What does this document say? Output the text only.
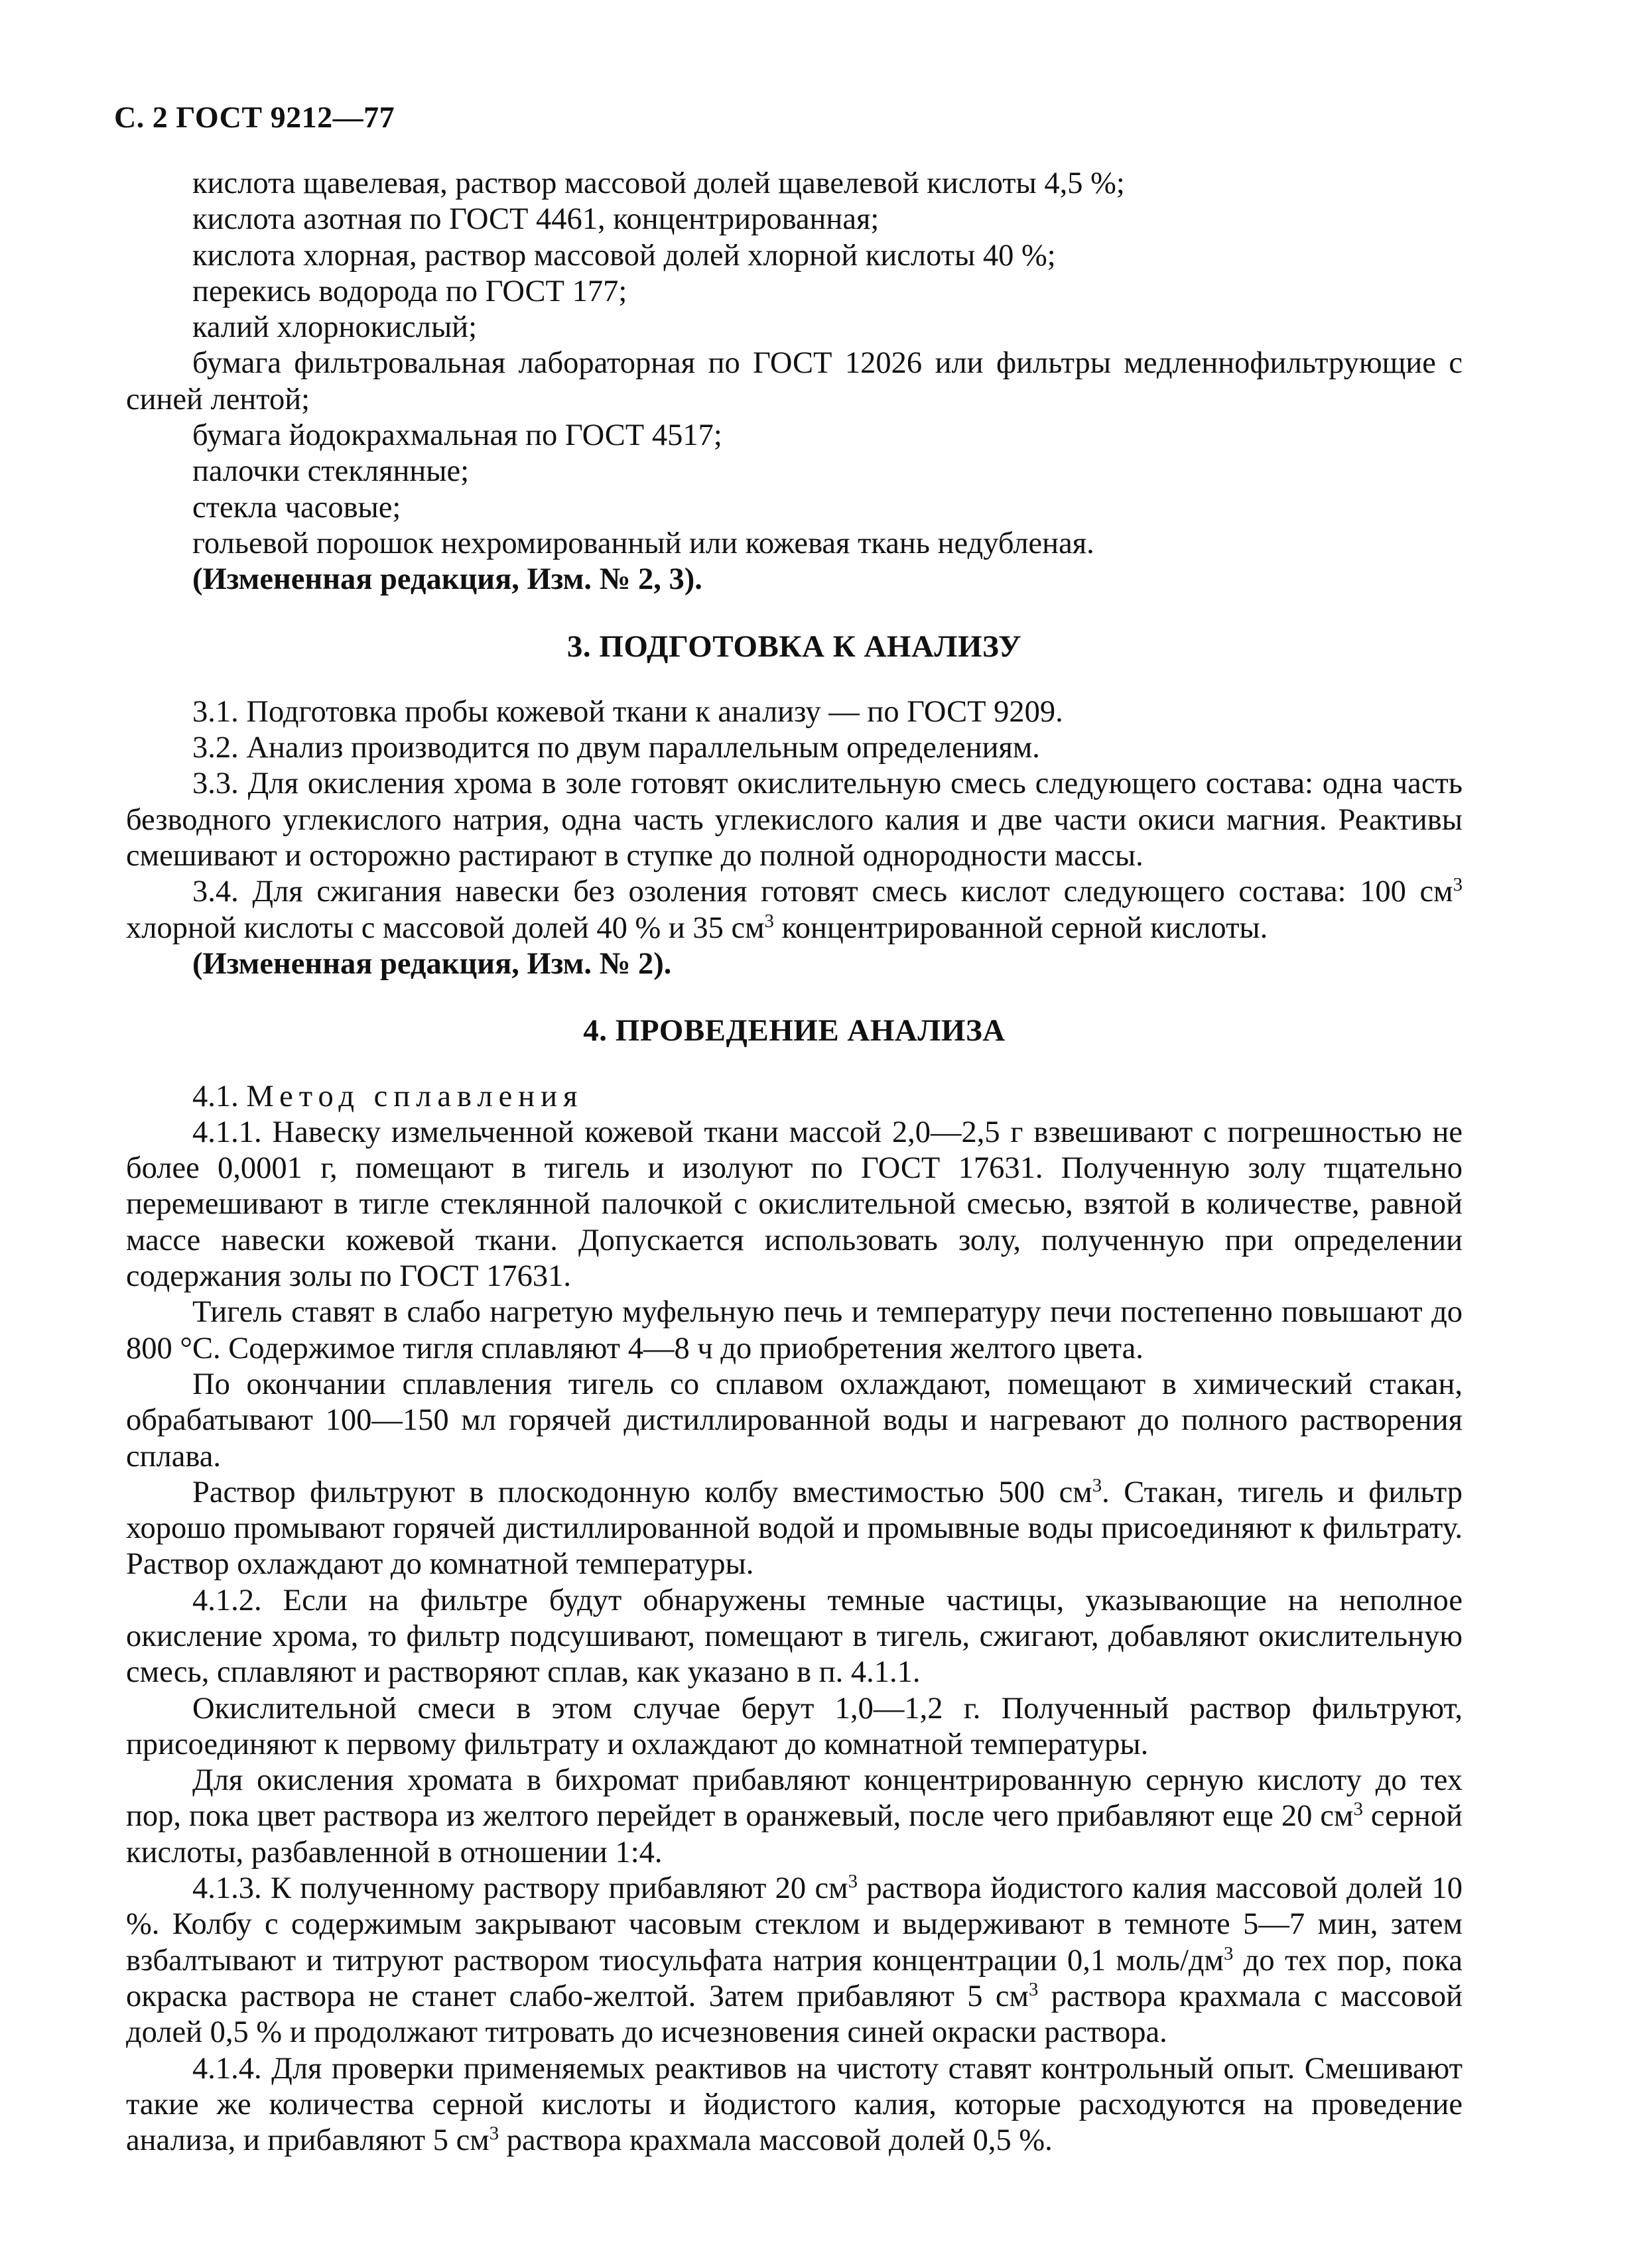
С. 2 ГОСТ 9212—77

кислота щавелевая, раствор массовой долей щавелевой кислоты 4,5 %;

кислота азотная по ГОСТ 4461, концентрированная;

кислота хлорная, раствор массовой долей хлорной кислоты 40 %;

перекись водорода по ГОСТ 177;

калий хлорнокислый;

бумага фильтровальная лабораторная по ГОСТ 12026 или фильтры медленнофильтрующие с синей лентой;

бумага йодокрахмальная по ГОСТ 4517;

палочки стеклянные;

стекла часовые;

гольевой порошок нехромированный или кожевая ткань недубленая.

(Измененная редакция, Изм. № 2, 3).

3. ПОДГОТОВКА К АНАЛИЗУ

3.1. Подготовка пробы кожевой ткани к анализу — по ГОСТ 9209.

3.2. Анализ производится по двум параллельным определениям.

3.3. Для окисления хрома в золе готовят окислительную смесь следующего состава: одна часть безводного углекислого натрия, одна часть углекислого калия и две части окиси магния. Реактивы смешивают и осторожно растирают в ступке до полной однородности массы.

3.4. Для сжигания навески без озоления готовят смесь кислот следующего состава: 100 $см^3$ хлорной кислоты с массовой долей 40 % и 35 $см^3$ концентрированной серной кислоты.

(Измененная редакция, Изм. № 2).

4. ПРОВЕДЕНИЕ АНАЛИЗА

4.1. Метод сплавления

4.1.1. Навеску измельченной кожевой ткани массой 2,0—2,5 г взвешивают с погрешностью не более 0,0001 г, помещают в тигель и изолуют по ГОСТ 17631. Полученную золу тщательно перемешивают в тигле стеклянной палочкой с окислительной смесью, взятой в количестве, равной массе навески кожевой ткани. Допускается использовать золу, полученную при определении содержания золы по ГОСТ 17631.

Тигель ставят в слабо нагретую муфельную печь и температуру печи постепенно повышают до 800 °С. Содержимое тигля сплавляют 4—8 ч до приобретения желтого цвета.

По окончании сплавления тигель со сплавом охлаждают, помещают в химический стакан, обрабатывают 100—150 мл горячей дистиллированной воды и нагревают до полного растворения сплава.

Раствор фильтруют в плоскодонную колбу вместимостью 500 $см^3$. Стакан, тигель и фильтр хорошо промывают горячей дистиллированной водой и промывные воды присоединяют к фильтрату. Раствор охлаждают до комнатной температуры.

4.1.2. Если на фильтре будут обнаружены темные частицы, указывающие на неполное окисление хрома, то фильтр подсушивают, помещают в тигель, сжигают, добавляют окислительную смесь, сплавляют и растворяют сплав, как указано в п. 4.1.1.

Окислительной смеси в этом случае берут 1,0—1,2 г. Полученный раствор фильтруют, присоединяют к первому фильтрату и охлаждают до комнатной температуры.

Для окисления хромата в бихромат прибавляют концентрированную серную кислоту до тех пор, пока цвет раствора из желтого перейдет в оранжевый, после чего прибавляют еще 20 $см^3$ серной кислоты, разбавленной в отношении 1:4.

4.1.3. К полученному раствору прибавляют 20 $см^3$ раствора йодистого калия массовой долей 10 %. Колбу с содержимым закрывают часовым стеклом и выдерживают в темноте 5—7 мин, затем взбалтывают и титруют раствором тиосульфата натрия концентрации 0,1 моль/$дм^3$ до тех пор, пока окраска раствора не станет слабо-желтой. Затем прибавляют 5 $см^3$ раствора крахмала с массовой долей 0,5 % и продолжают титровать до исчезновения синей окраски раствора.

4.1.4. Для проверки применяемых реактивов на чистоту ставят контрольный опыт. Смешивают такие же количества серной кислоты и йодистого калия, которые расходуются на проведение анализа, и прибавляют 5 $см^3$ раствора крахмала массовой долей 0,5 %.
